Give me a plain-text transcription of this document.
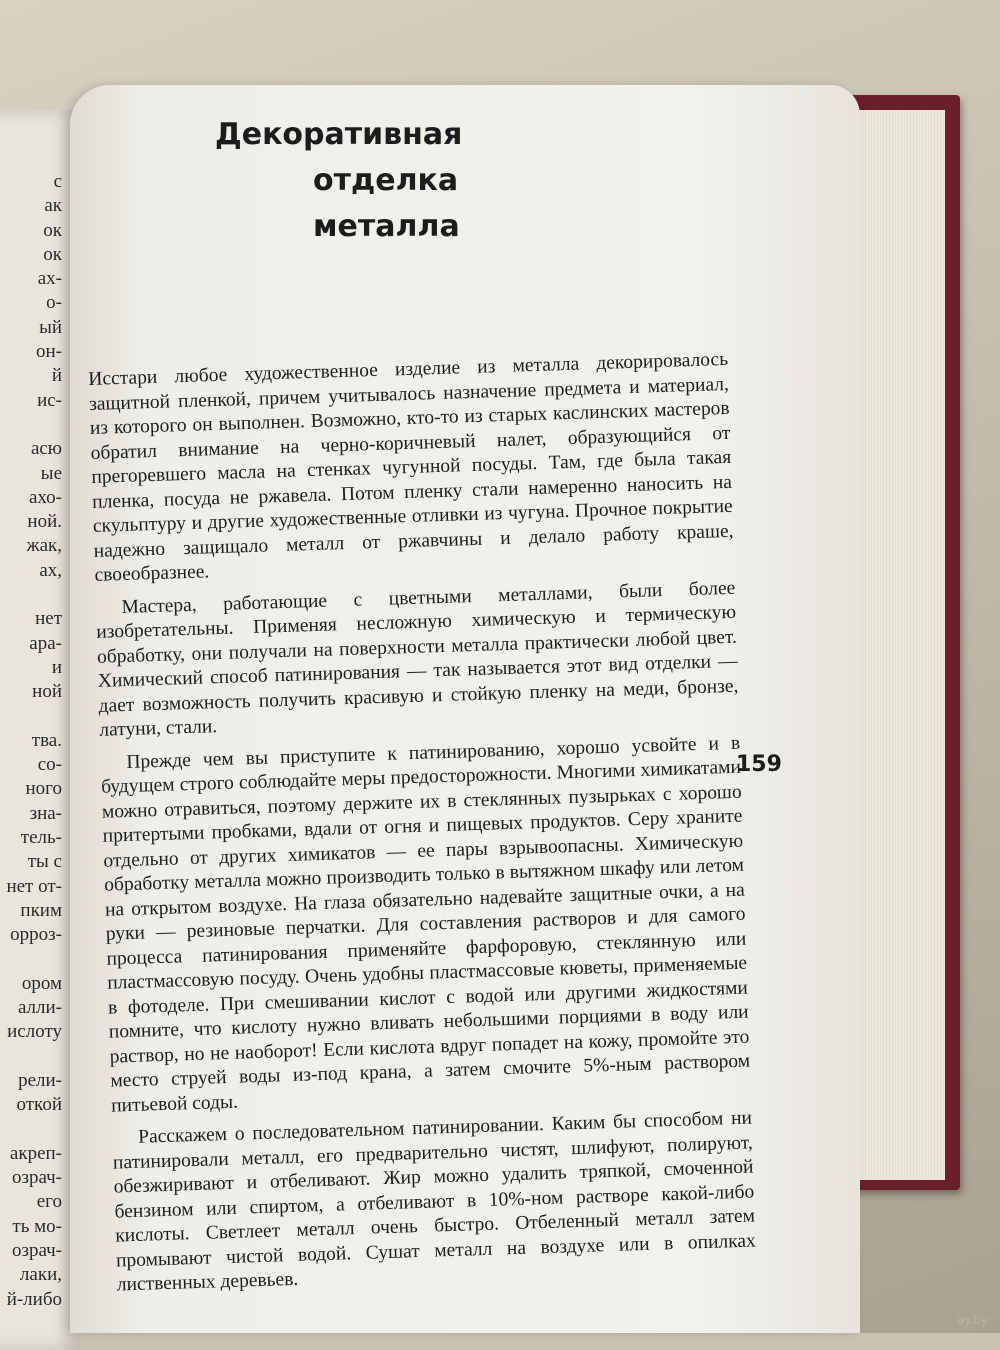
с
ак
ок
ок
ах-
о-
ый
он-
й
ис-

асю
ые
ахо-
ной.
жак,
ах,

нет
ара-
и
ной

тва.
со-
ного
зна-
тель-
ты с
нет от-
пким
орроз-

ором
алли-
ислоту

рели-
откой

акреп-
озрач-
его
ть мо-
озрач-
лаки,
й-либо
Декоративная
отделка
металла
159

Исстари любое художественное изделие из металла декорировалось защитной пленкой, причем учитывалось назначение предмета и материал, из которого он выполнен. Возможно, кто-то из старых каслинских мастеров обратил внимание на черно-коричневый налет, образующийся от прегоревшего масла на стенках чугунной посуды. Там, где была такая пленка, посуда не ржавела. Потом пленку стали намеренно наносить на скульптуру и другие художественные отливки из чугуна. Прочное покрытие надежно защищало металл от ржавчины и делало работу краше, своеобразнее.

Мастера, работающие с цветными металлами, были более изобретательны. Применяя несложную химическую и термическую обработку, они получали на поверхности металла практически любой цвет. Химический способ патинирования — так называется этот вид отделки — дает возможность получить красивую и стойкую пленку на меди, бронзе, латуни, стали.

Прежде чем вы приступите к патинированию, хорошо усвойте и в будущем строго соблюдайте меры предосторожности. Многими химикатами можно отравиться, поэтому держите их в стеклянных пузырьках с хорошо притертыми пробками, вдали от огня и пищевых продуктов. Серу храните отдельно от других химикатов — ее пары взрывоопасны. Химическую обработку металла можно производить только в вытяжном шкафу или летом на открытом воздухе. На глаза обязательно надевайте защитные очки, а на руки — резиновые перчатки. Для составления растворов и для самого процесса патинирования применяйте фарфоровую, стеклянную или пластмассовую посуду. Очень удобны пластмассовые кюветы, применяемые в фотоделе. При смешивании кислот с водой или другими жидкостями помните, что кислоту нужно вливать небольшими порциями в воду или раствор, но не наоборот! Если кислота вдруг попадет на кожу, промойте это место струей воды из-под крана, а затем смочите 5%-ным раствором питьевой соды.

Расскажем о последовательном патинировании. Каким бы способом ни патинировали металл, его предварительно чистят, шлифуют, полируют, обезжиривают и отбеливают. Жир можно удалить тряпкой, смоченной бензином или спиртом, а отбеливают в 10%-ном растворе какой-либо кислоты. Светлеет металл очень быстро. Отбеленный металл затем промывают чистой водой. Сушат металл на воздухе или в опилках лиственных деревьев.

ay.by
